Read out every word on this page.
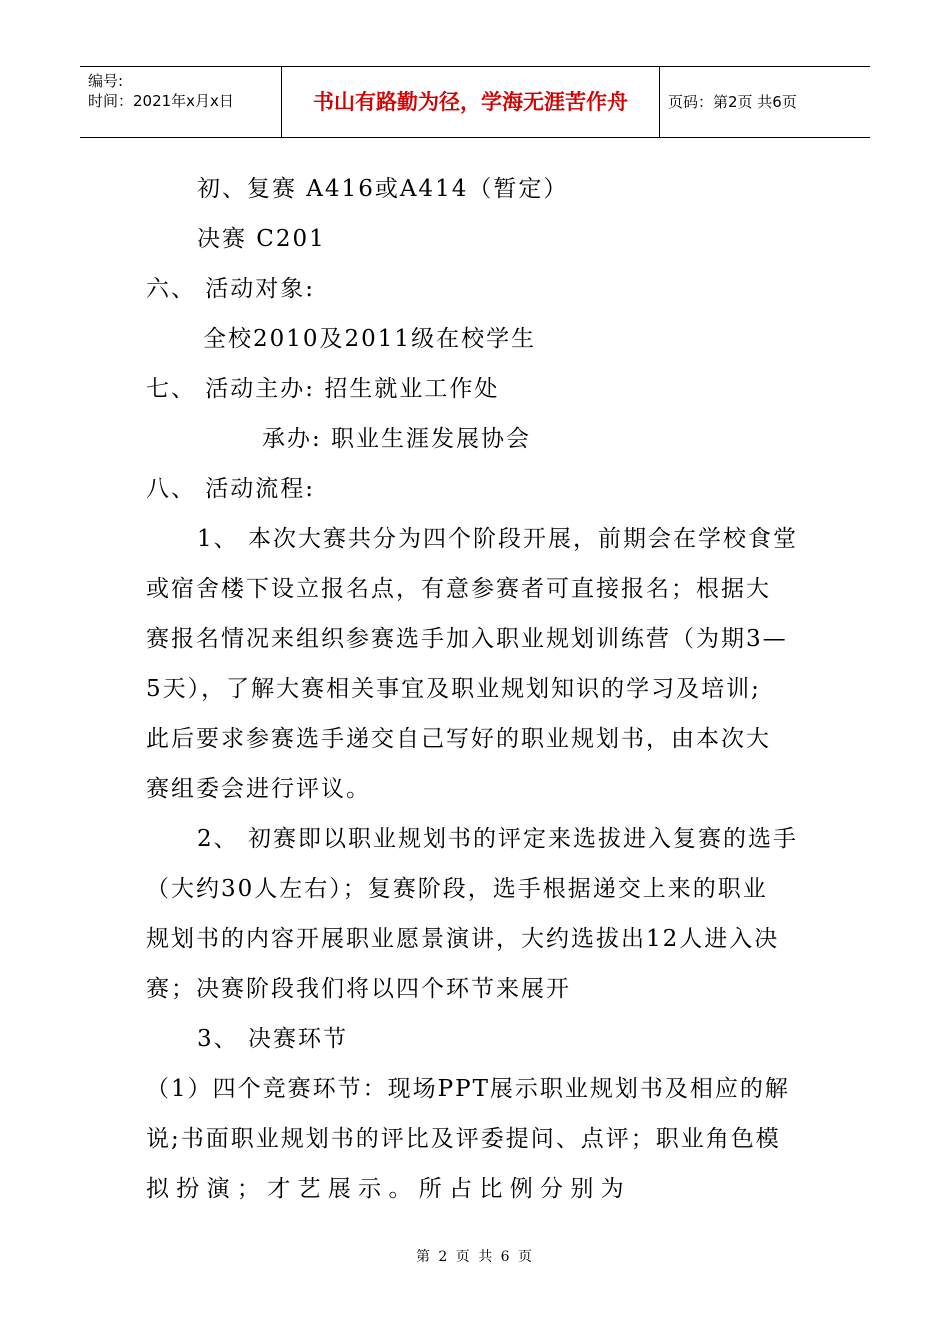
编号:
时间：2021年x月x日	书山有路勤为径，学海无涯苦作舟	页码：第2页 共6页
初、复赛 A416或A414（暂定）
决赛 C201
六、 活动对象:
全校2010及2011级在校学生
七、 活动主办: 招生就业工作处
承办: 职业生涯发展协会
八、 活动流程:
1、 本次大赛共分为四个阶段开展，前期会在学校食堂
或宿舍楼下设立报名点，有意参赛者可直接报名；根据大
赛报名情况来组织参赛选手加入职业规划训练营（为期3—
5天），了解大赛相关事宜及职业规划知识的学习及培训;
此后要求参赛选手递交自己写好的职业规划书，由本次大
赛组委会进行评议。
2、 初赛即以职业规划书的评定来选拔进入复赛的选手
（大约30人左右）；复赛阶段，选手根据递交上来的职业
规划书的内容开展职业愿景演讲，大约选拔出12人进入决
赛；决赛阶段我们将以四个环节来展开
3、 决赛环节
（1）四个竞赛环节：现场PPT展示职业规划书及相应的解
说;书面职业规划书的评比及评委提问、点评；职业角色模
拟 扮 演 ； 才 艺 展 示 。 所 占 比 例 分 别 为
第 2 页 共 6 页
